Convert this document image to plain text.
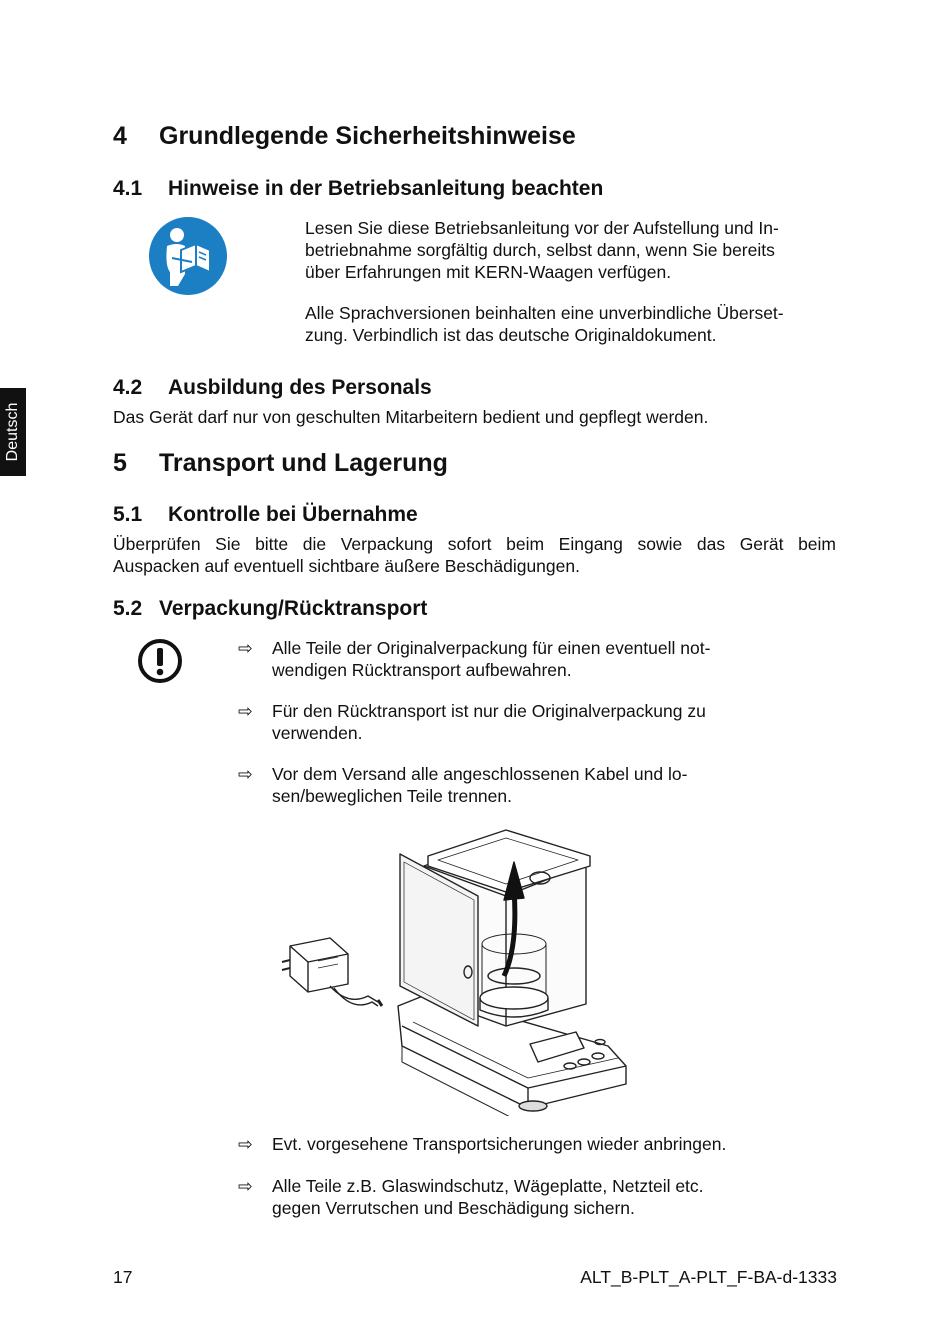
Deutsch
4 Grundlegende Sicherheitshinweise
4.1 Hinweise in der Betriebsanleitung beachten
Lesen Sie diese Betriebsanleitung vor der Aufstellung und In-
betriebnahme sorgfältig durch, selbst dann, wenn Sie bereits
über Erfahrungen mit KERN-Waagen verfügen.
Alle Sprachversionen beinhalten eine unverbindliche Überset-
zung. Verbindlich ist das deutsche Originaldokument.
4.2 Ausbildung des Personals
Das Gerät darf nur von geschulten Mitarbeitern bedient und gepflegt werden.
5 Transport und Lagerung
5.1 Kontrolle bei Übernahme
Überprüfen Sie bitte die Verpackung sofort beim Eingang sowie das Gerät beim
Auspacken auf eventuell sichtbare äußere Beschädigungen.
5.2 Verpackung/Rücktransport
⇨	Alle Teile der Originalverpackung für einen eventuell not-
wendigen Rücktransport aufbewahren.
⇨	Für den Rücktransport ist nur die Originalverpackung zu
verwenden.
⇨	Vor dem Versand alle angeschlossenen Kabel und lo-
sen/beweglichen Teile trennen.
⇨	Evt. vorgesehene Transportsicherungen wieder anbringen.
⇨	Alle Teile z.B. Glaswindschutz, Wägeplatte, Netzteil etc.
gegen Verrutschen und Beschädigung sichern.
17	ALT_B-PLT_A-PLT_F-BA-d-1333
